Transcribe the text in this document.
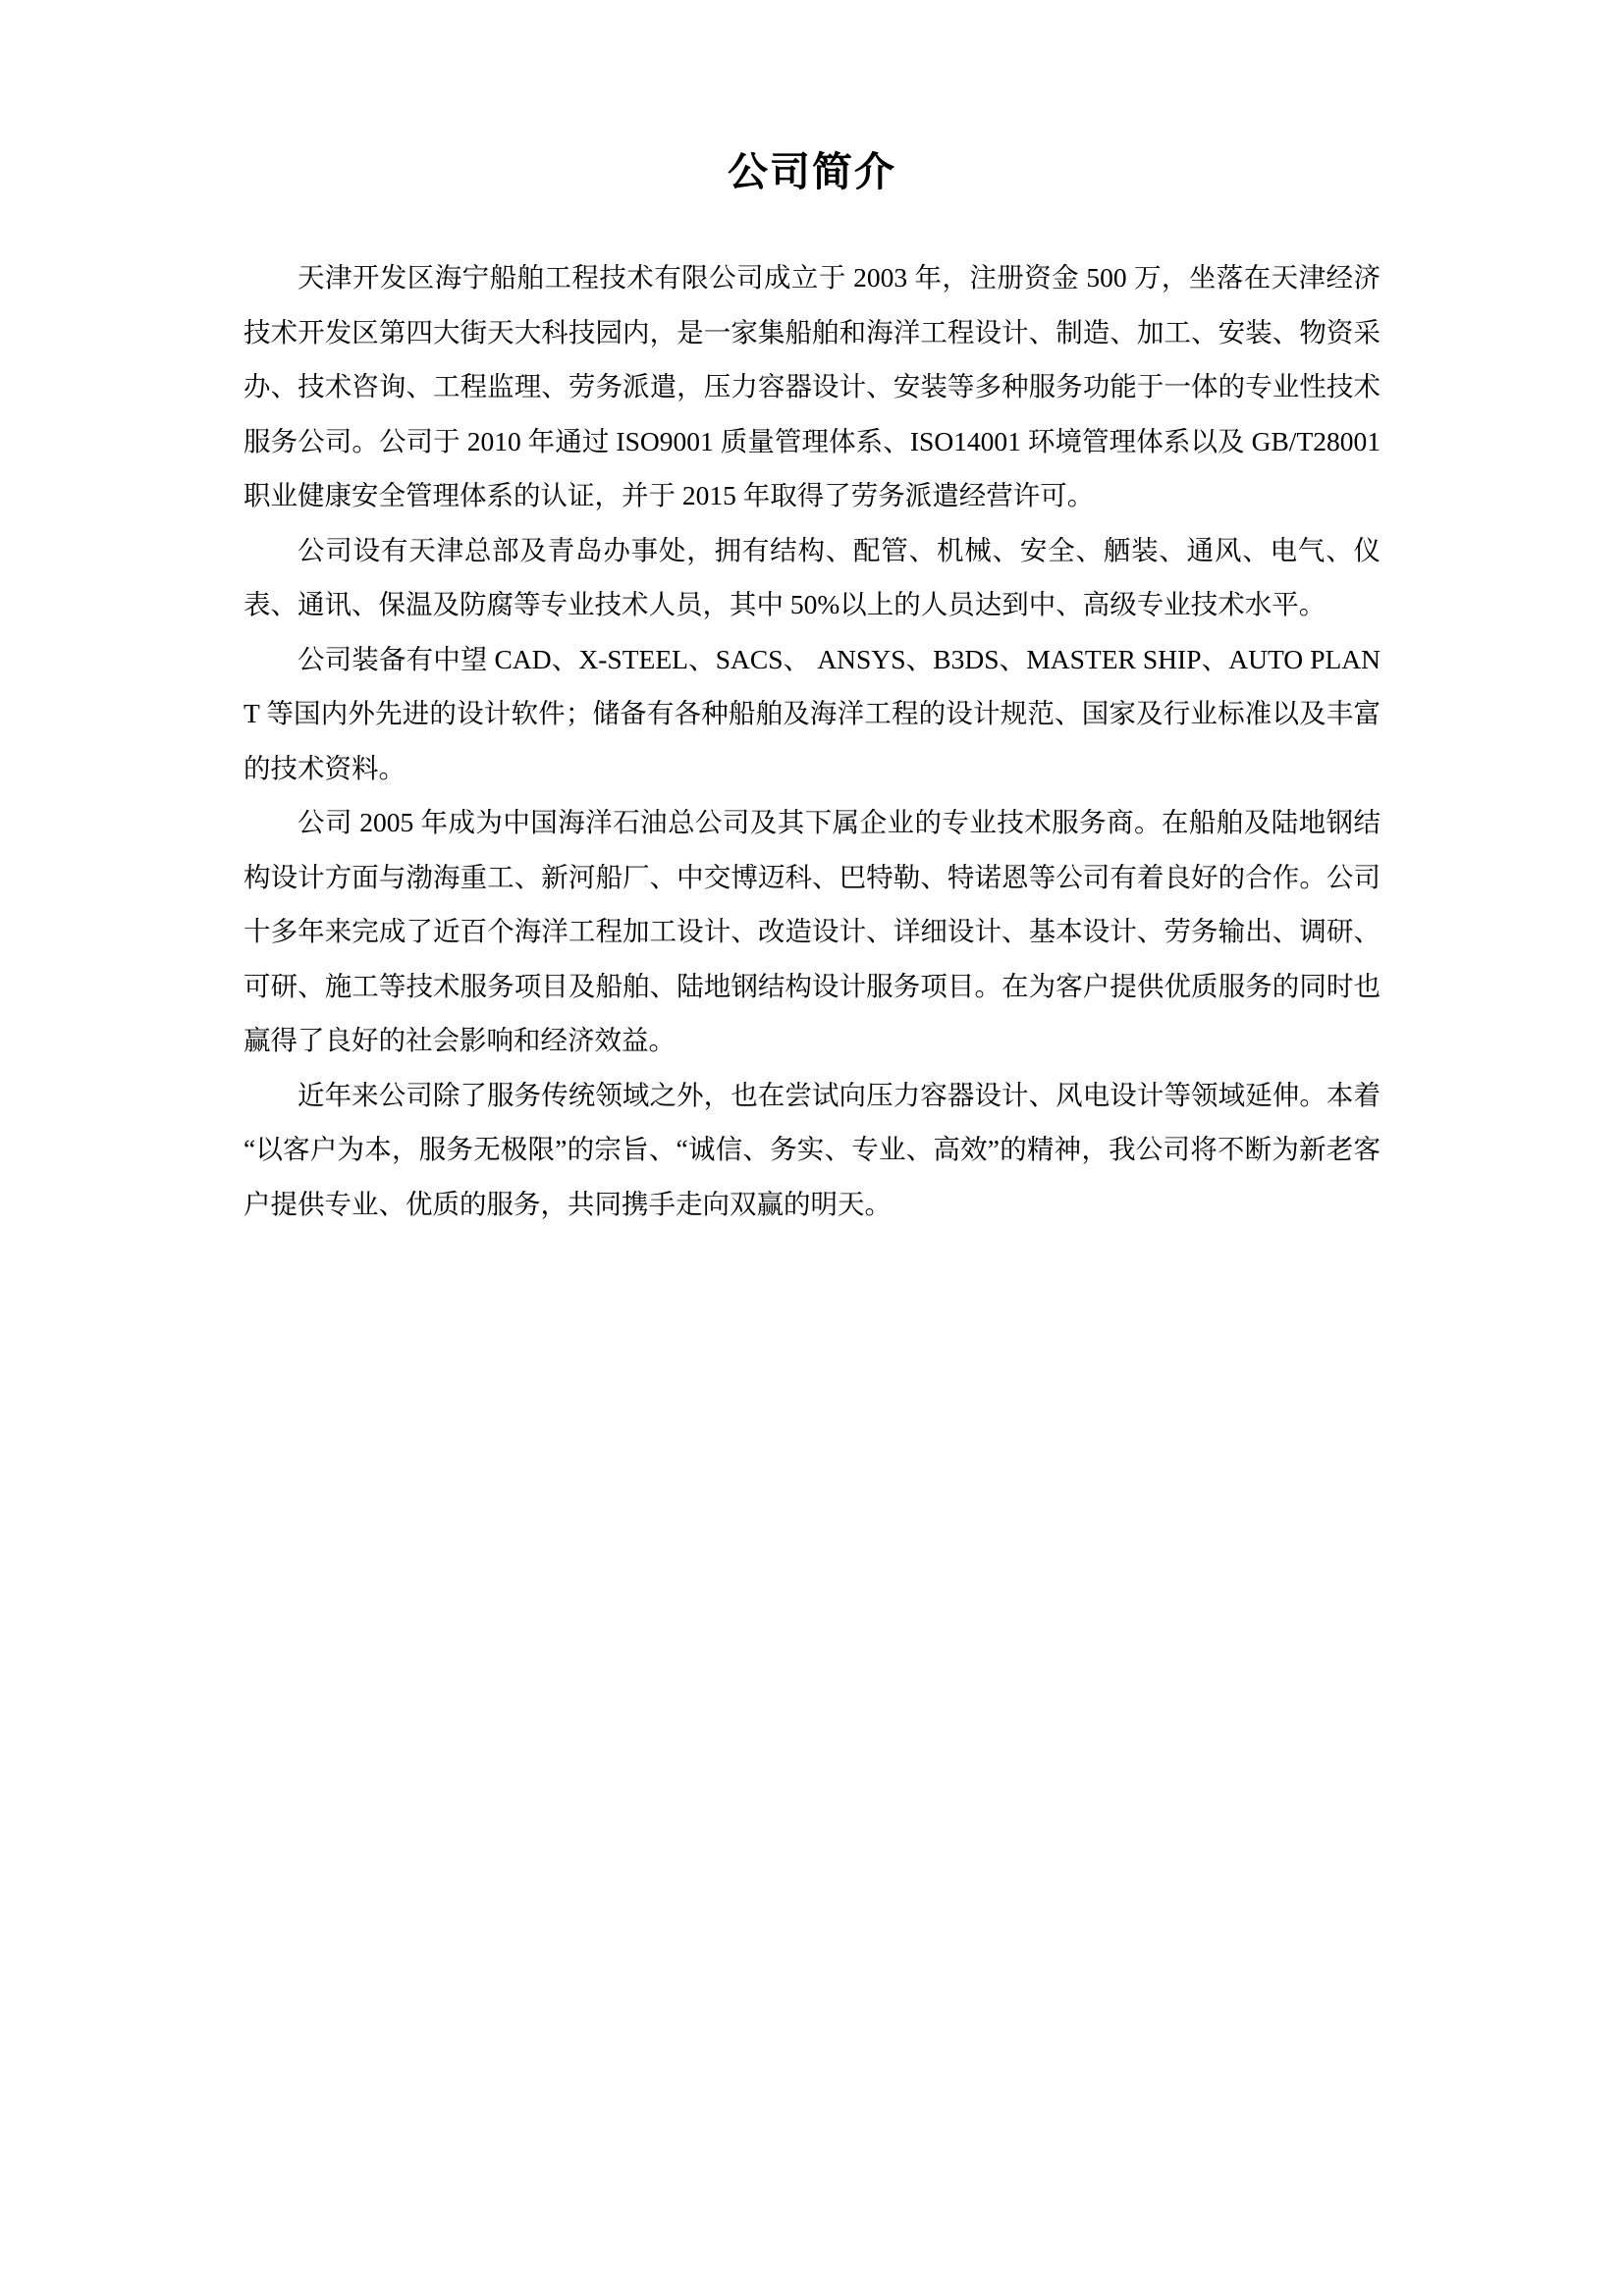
公司简介

天津开发区海宁船舶工程技术有限公司成立于 2003 年，注册资金 500 万，坐落在天津经济技术开发区第四大街天大科技园内，是一家集船舶和海洋工程设计、制造、加工、安装、物资采办、技术咨询、工程监理、劳务派遣，压力容器设计、安装等多种服务功能于一体的专业性技术服务公司。公司于 2010 年通过 ISO9001 质量管理体系、ISO14001 环境管理体系以及 GB/T28001 职业健康安全管理体系的认证，并于 2015 年取得了劳务派遣经营许可。

公司设有天津总部及青岛办事处，拥有结构、配管、机械、安全、舾装、通风、电气、仪表、通讯、保温及防腐等专业技术人员，其中 50%以上的人员达到中、高级专业技术水平。

公司装备有中望 CAD、X-STEEL、SACS、 ANSYS、B3DS、MASTER SHIP、AUTO PLANT 等国内外先进的设计软件；储备有各种船舶及海洋工程的设计规范、国家及行业标准以及丰富的技术资料。

公司 2005 年成为中国海洋石油总公司及其下属企业的专业技术服务商。在船舶及陆地钢结构设计方面与渤海重工、新河船厂、中交博迈科、巴特勒、特诺恩等公司有着良好的合作。公司十多年来完成了近百个海洋工程加工设计、改造设计、详细设计、基本设计、劳务输出、调研、可研、施工等技术服务项目及船舶、陆地钢结构设计服务项目。在为客户提供优质服务的同时也赢得了良好的社会影响和经济效益。

近年来公司除了服务传统领域之外，也在尝试向压力容器设计、风电设计等领域延伸。本着“以客户为本，服务无极限”的宗旨、“诚信、务实、专业、高效”的精神，我公司将不断为新老客户提供专业、优质的服务，共同携手走向双赢的明天。
